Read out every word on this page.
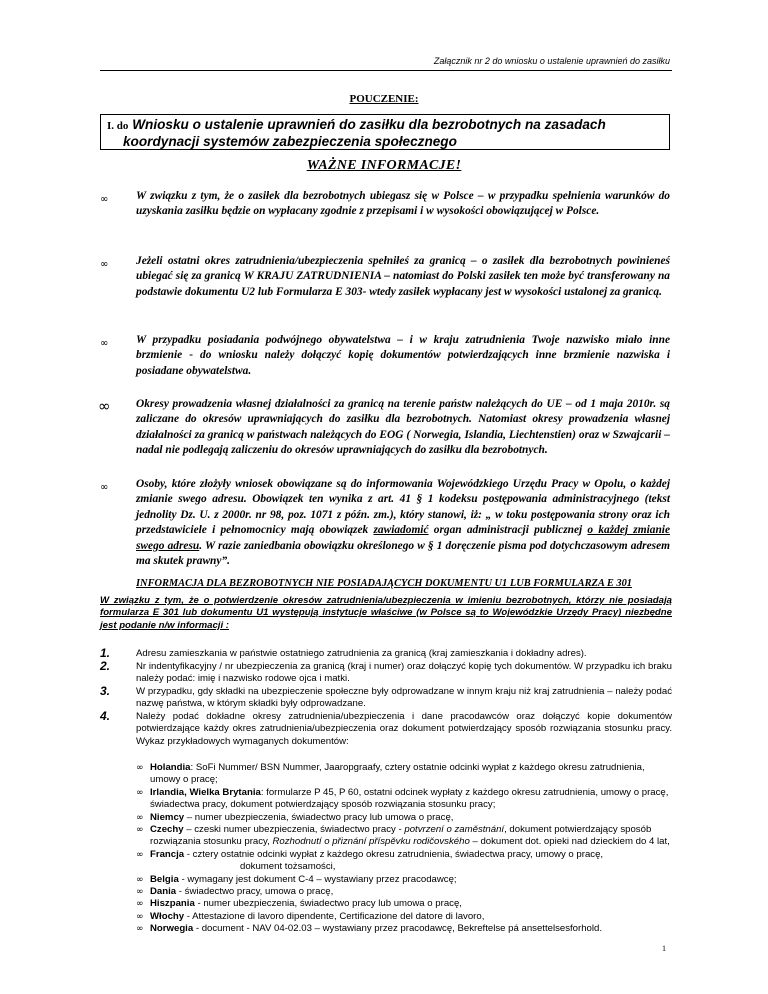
Załącznik nr 2 do wniosku o ustalenie uprawnień do zasiłku
POUCZENIE:
I. do Wniosku o ustalenie uprawnień do zasiłku dla bezrobotnych na zasadach
koordynacji systemów zabezpieczenia społecznego
WAŻNE INFORMACJE!
∞ W związku z tym, że o zasiłek dla bezrobotnych ubiegasz się w Polsce – w przypadku spełnienia warunków do uzyskania zasiłku będzie on wypłacany zgodnie z przepisami i w wysokości obowiązującej w Polsce.

∞ Jeżeli ostatni okres zatrudnienia/ubezpieczenia spełniłeś za granicą – o zasiłek dla bezrobotnych powinieneś ubiegać się za granicą W KRAJU ZATRUDNIENIA – natomiast do Polski zasiłek ten może być transferowany na podstawie dokumentu U2 lub Formularza E 303- wtedy zasiłek wypłacany jest w wysokości ustalonej za granicą.

∞ W przypadku posiadania podwójnego obywatelstwa – i w kraju zatrudnienia Twoje nazwisko miało inne brzmienie - do wniosku należy dołączyć kopię dokumentów potwierdzających inne brzmienie nazwiska i posiadane obywatelstwa.

∞ Okresy prowadzenia własnej działalności za granicą na terenie państw należących do UE – od 1 maja 2010r. są zaliczane do okresów uprawniających do zasiłku dla bezrobotnych. Natomiast okresy prowadzenia własnej działalności za granicą w państwach należących do EOG ( Norwegia, Islandia, Liechtenstien) oraz w Szwajcarii – nadal nie podlegają zaliczeniu do okresów uprawniających do zasiłku dla bezrobotnych.

∞ Osoby, które złożyły wniosek obowiązane są do informowania Wojewódzkiego Urzędu Pracy w Opolu, o każdej zmianie swego adresu. Obowiązek ten wynika z art. 41 § 1 kodeksu postępowania administracyjnego (tekst jednolity Dz. U. z 2000r. nr 98, poz. 1071 z późn. zm.), który stanowi, iż: „ w toku postępowania strony oraz ich przedstawiciele i pełnomocnicy mają obowiązek zawiadomić organ administracji publicznej o każdej zmianie swego adresu. W razie zaniedbania obowiązku określonego w § 1 doręczenie pisma pod dotychczasowym adresem ma skutek prawny”.

INFORMACJA DLA BEZROBOTNYCH NIE POSIADAJĄCYCH DOKUMENTU U1 LUB FORMULARZA E 301

W związku z tym, że o potwierdzenie okresów zatrudnienia/ubezpieczenia w imieniu bezrobotnych, którzy nie posiadają formularza E 301 lub dokumentu U1 występują instytucje właściwe (w Polsce są to Wojewódzkie Urzędy Pracy) niezbędne jest podanie n/w informacji :

1.	Adresu zamieszkania w państwie ostatniego zatrudnienia za granicą (kraj zamieszkania i dokładny adres).

2.	Nr indentyfikacyjny / nr ubezpieczenia za granicą (kraj i numer) oraz dołączyć kopię tych dokumentów. W przypadku ich braku należy podać: imię i nazwisko rodowe ojca i matki.

3.	W przypadku, gdy składki na ubezpieczenie społeczne były odprowadzane w innym kraju niż kraj zatrudnienia – należy podać nazwę państwa, w którym składki były odprowadzane.

4.	Należy podać dokładne okresy zatrudnienia/ubezpieczenia i dane pracodawców oraz dołączyć kopie dokumentów potwierdzające każdy okres zatrudnienia/ubezpieczenia oraz dokument potwierdzający sposób rozwiązania stosunku pracy. Wykaz przykładowych wymaganych dokumentów:

∞ Holandia: SoFi Nummer/ BSN Nummer, Jaaropgraafy, cztery ostatnie odcinki wypłat z każdego okresu zatrudnienia, umowy o pracę;
∞ Irlandia, Wielka Brytania: formularze P 45, P 60, ostatni odcinek wypłaty z każdego okresu zatrudnienia, umowy o pracę, świadectwa pracy, dokument potwierdzający sposób rozwiązania stosunku pracy;
∞ Niemcy – numer ubezpieczenia, świadectwo pracy lub umowa o pracę,
∞ Czechy – czeski numer ubezpieczenia, świadectwo pracy - potvrzení o zaměstnání, dokument potwierdzający sposób rozwiązania stosunku pracy, Rozhodnutí o přiznání příspěvku rodičovského – dokument dot. opieki nad dzieckiem do 4 lat,
∞ Francja - cztery ostatnie odcinki wypłat z każdego okresu zatrudnienia, świadectwa pracy, umowy o pracę,
dokument tożsamości,
∞ Belgia - wymagany jest dokument C-4 – wystawiany przez pracodawcę;
∞ Dania - świadectwo pracy, umowa o pracę,
∞ Hiszpania - numer ubezpieczenia, świadectwo pracy lub umowa o pracę,
∞ Włochy - Attestazione di lavoro dipendente, Certificazione del datore di lavoro,
∞ Norwegia - document - NAV 04-02.03 – wystawiany przez pracodawcę, Bekreftelse pá ansettelsesforhold.
1
